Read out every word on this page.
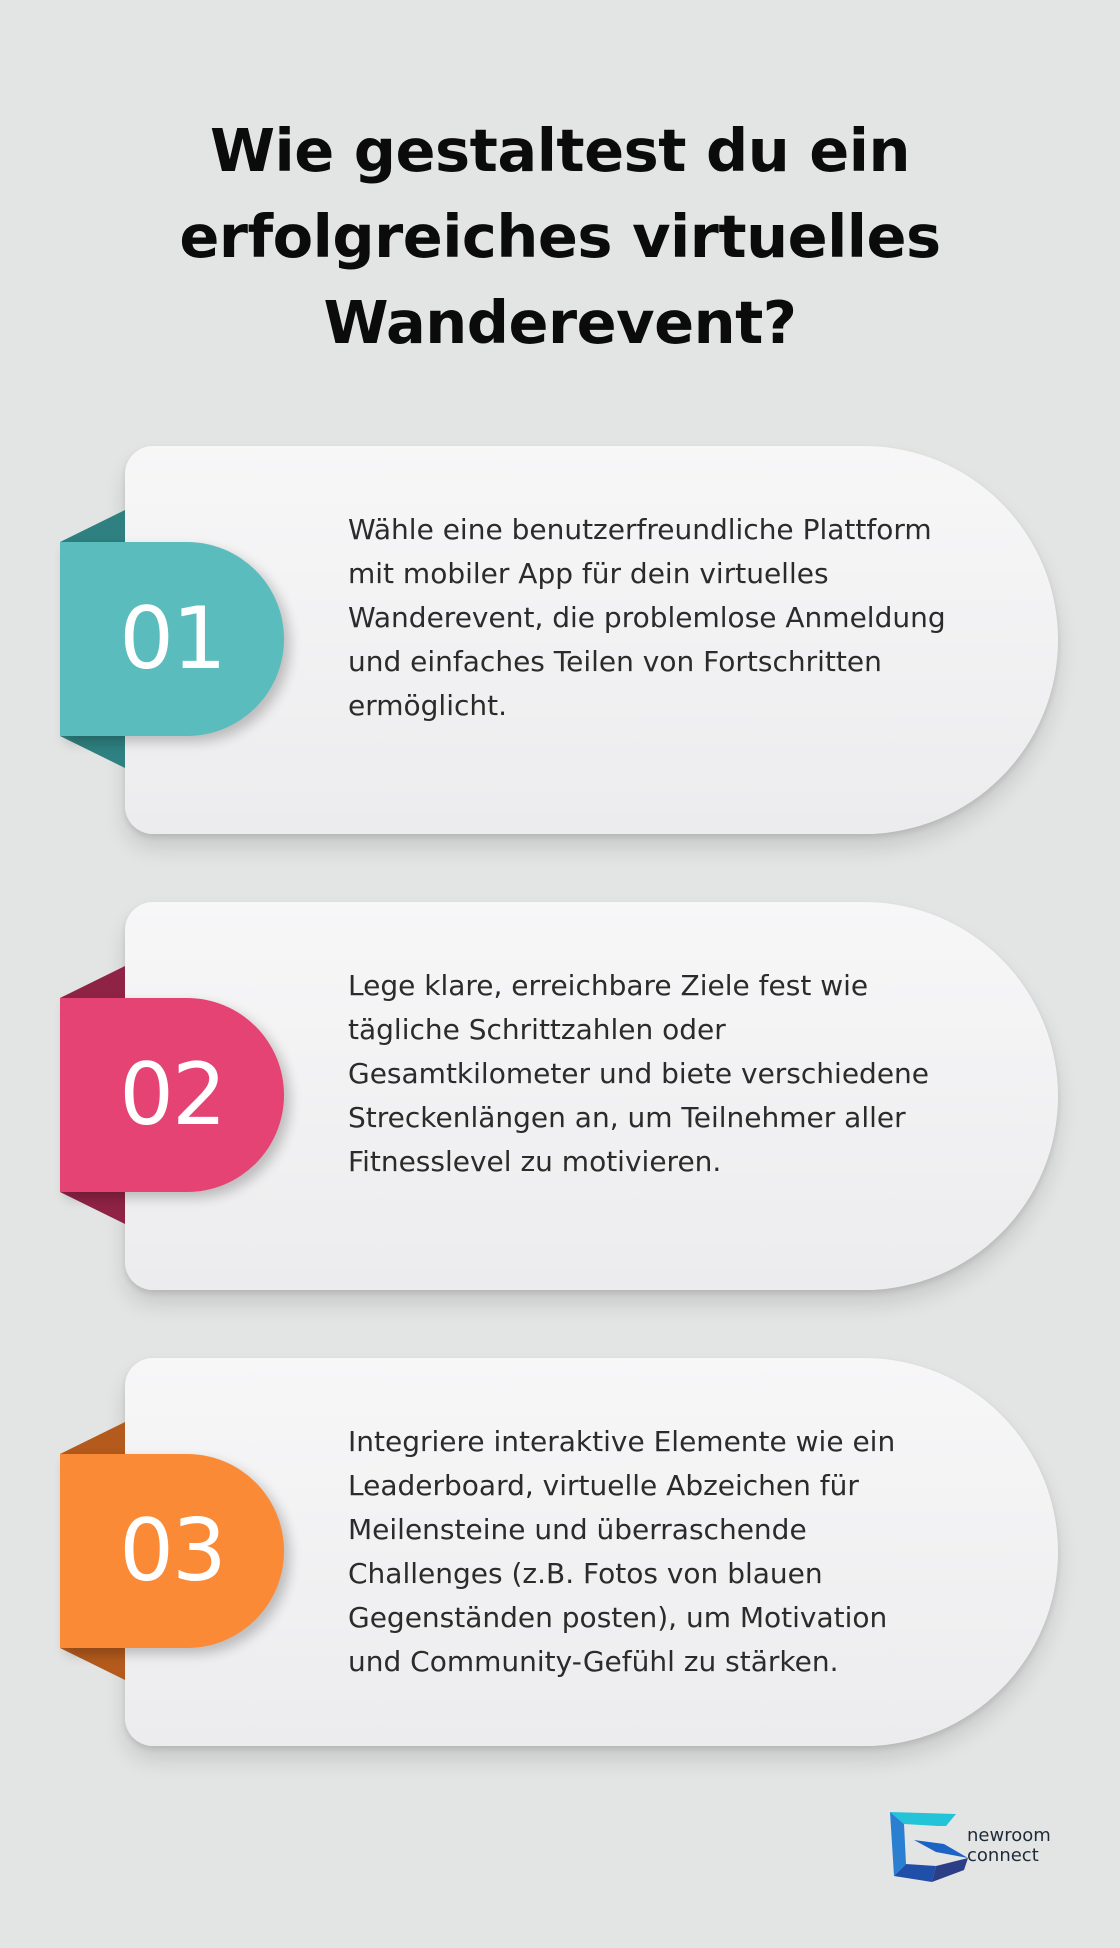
Wie gestaltest du ein erfolgreiches virtuelles Wanderevent?

Wähle eine benutzerfreundliche Plattform mit mobiler App für dein virtuelles Wanderevent, die problemlose Anmeldung und einfaches Teilen von Fortschritten ermöglicht.

01

Lege klare, erreichbare Ziele fest wie tägliche Schrittzahlen oder Gesamtkilometer und biete verschiedene Streckenlängen an, um Teilnehmer aller Fitnesslevel zu motivieren.

02

Integriere interaktive Elemente wie ein Leaderboard, virtuelle Abzeichen für Meilensteine und überraschende Challenges (z.B. Fotos von blauen Gegenständen posten), um Motivation und Community-Gefühl zu stärken.

03
newroom
connect
